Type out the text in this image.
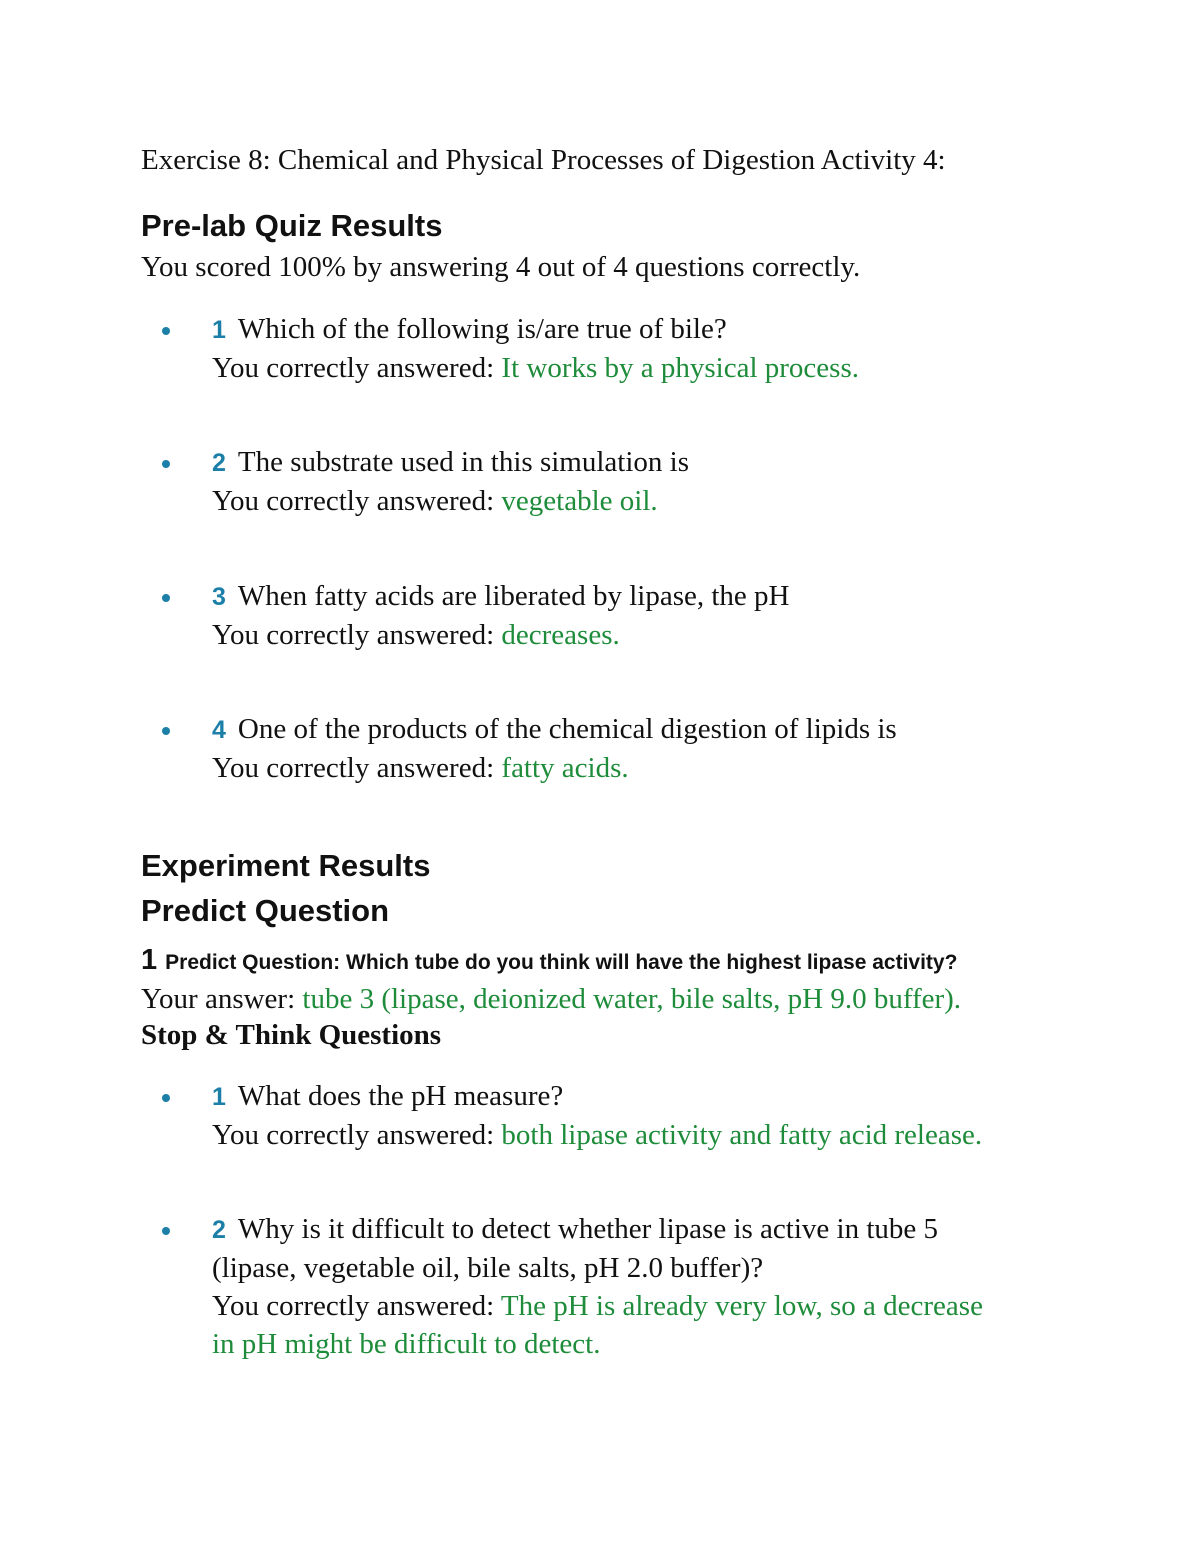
Exercise 8: Chemical and Physical Processes of Digestion Activity 4:
Pre-lab Quiz Results
You scored 100% by answering 4 out of 4 questions correctly.
1 Which of the following is/are true of bile?
You correctly answered: It works by a physical process.
2 The substrate used in this simulation is
You correctly answered: vegetable oil.
3 When fatty acids are liberated by lipase, the pH
You correctly answered: decreases.
4 One of the products of the chemical digestion of lipids is
You correctly answered: fatty acids.
Experiment Results
Predict Question
1 Predict Question: Which tube do you think will have the highest lipase activity?
Your answer: tube 3 (lipase, deionized water, bile salts, pH 9.0 buffer).
Stop & Think Questions
1 What does the pH measure?
You correctly answered: both lipase activity and fatty acid release.
2 Why is it difficult to detect whether lipase is active in tube 5
(lipase, vegetable oil, bile salts, pH 2.0 buffer)?
You correctly answered: The pH is already very low, so a decrease
in pH might be difficult to detect.
